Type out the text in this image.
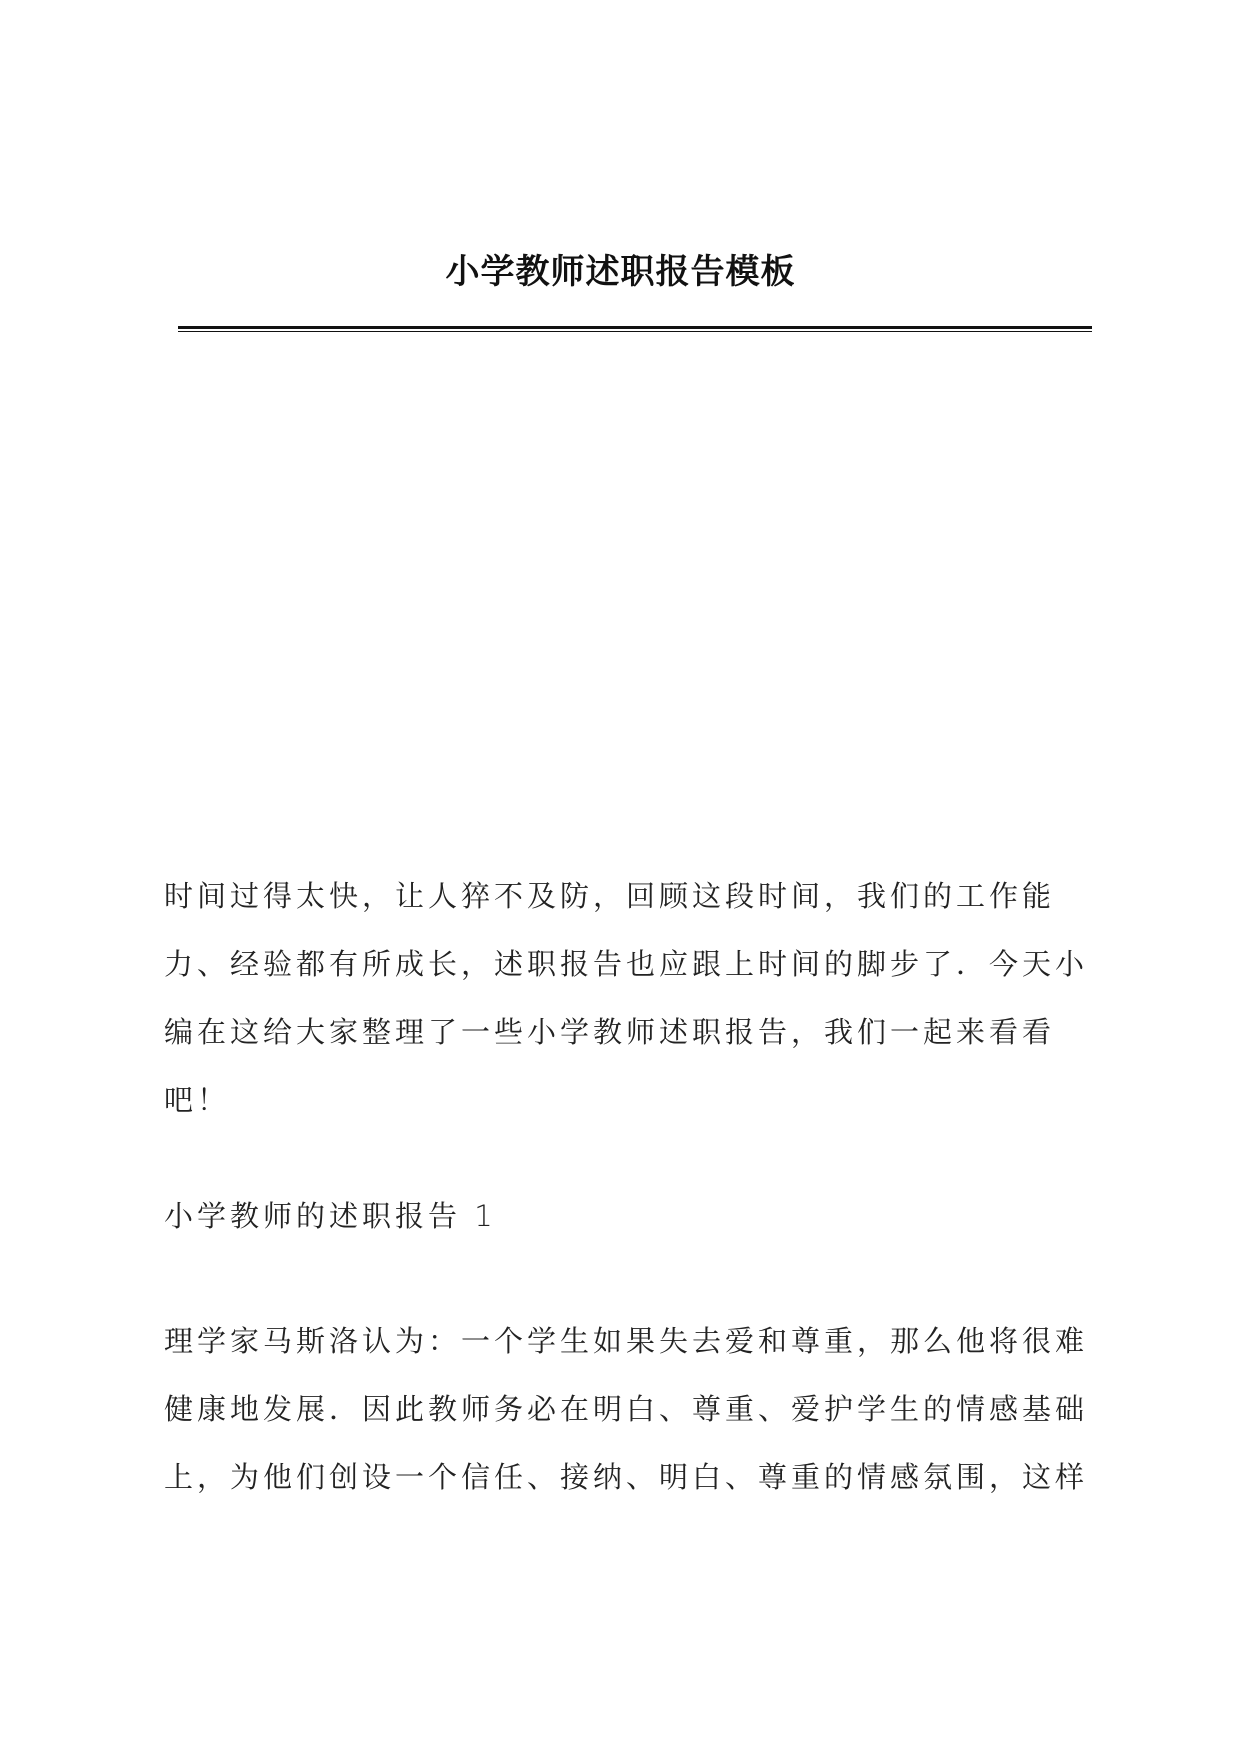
小学教师述职报告模板
时间过得太快，让人猝不及防，回顾这段时间，我们的工作能
力、经验都有所成长，述职报告也应跟上时间的脚步了．今天小
编在这给大家整理了一些小学教师述职报告，我们一起来看看
吧！
小学教师的述职报告 1
理学家马斯洛认为：一个学生如果失去爱和尊重，那么他将很难
健康地发展．因此教师务必在明白、尊重、爱护学生的情感基础
上，为他们创设一个信任、接纳、明白、尊重的情感氛围，这样
